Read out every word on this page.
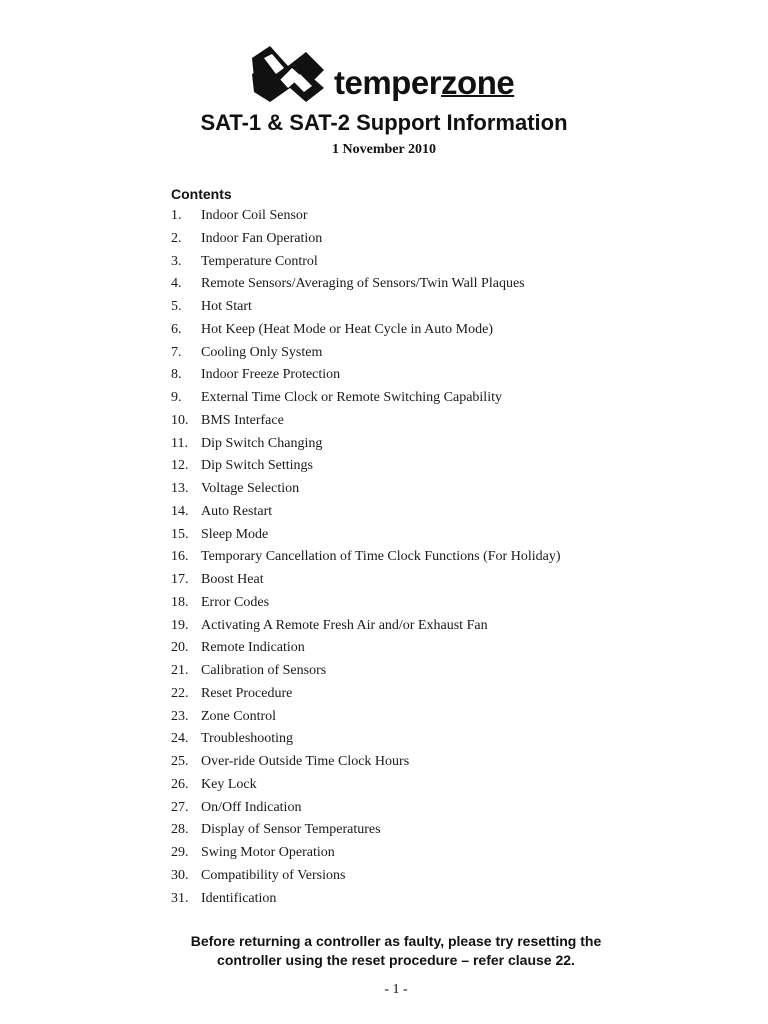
temperzone
SAT-1 & SAT-2 Support Information
1 November 2010
Contents
1.	Indoor Coil Sensor
2.	Indoor Fan Operation
3.	Temperature Control
4.	Remote Sensors/Averaging of Sensors/Twin Wall Plaques
5.	Hot Start
6.	Hot Keep (Heat Mode or Heat Cycle in Auto Mode)
7.	Cooling Only System
8.	Indoor Freeze Protection
9.	External Time Clock or Remote Switching Capability
10. BMS Interface
11. Dip Switch Changing
12. Dip Switch Settings
13. Voltage Selection
14. Auto Restart
15. Sleep Mode
16. Temporary Cancellation of Time Clock Functions (For Holiday)
17. Boost Heat
18. Error Codes
19. Activating A Remote Fresh Air and/or Exhaust Fan
20. Remote Indication
21. Calibration of Sensors
22. Reset Procedure
23. Zone Control
24. Troubleshooting
25. Over-ride Outside Time Clock Hours
26. Key Lock
27. On/Off Indication
28. Display of Sensor Temperatures
29. Swing Motor Operation
30. Compatibility of Versions
31. Identification
Before returning a controller as faulty, please try resetting the
controller using the reset procedure – refer clause 22.
- 1 -
